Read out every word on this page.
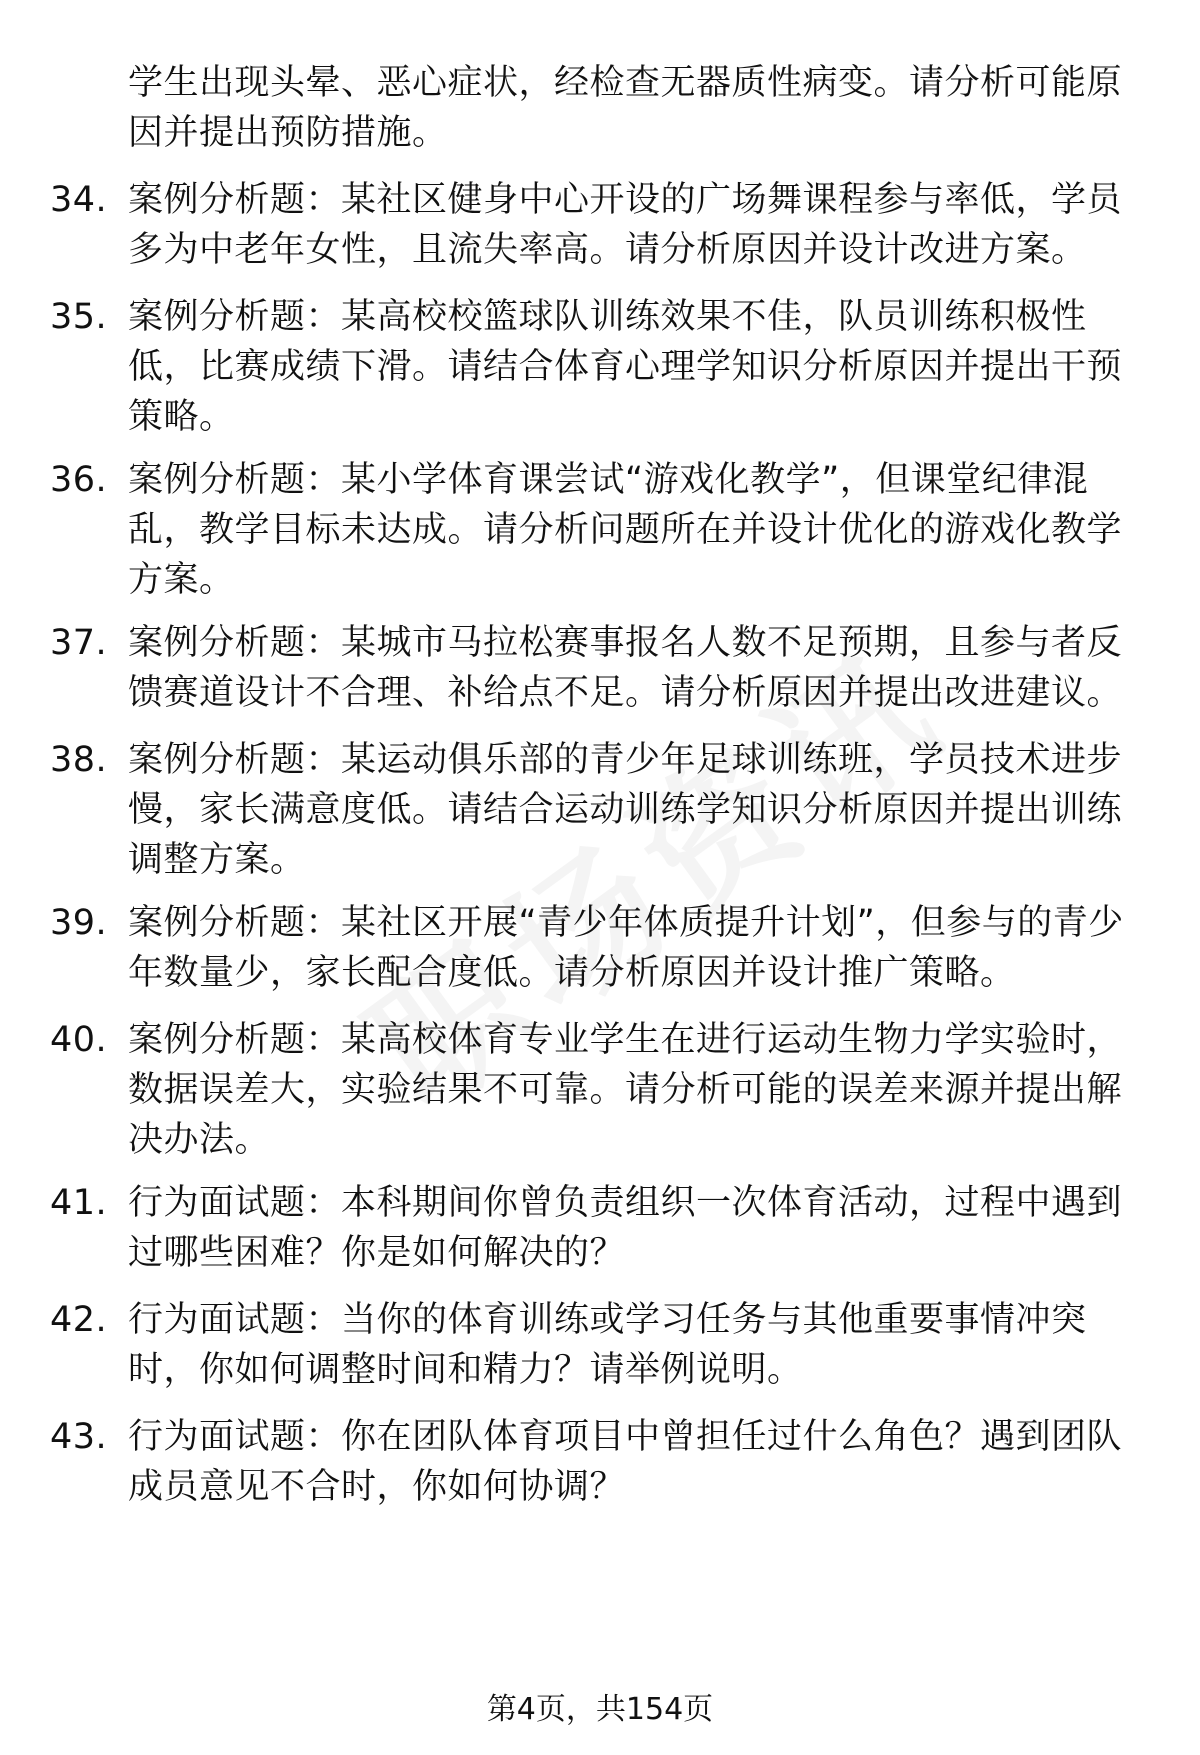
学生出现头晕、恶心症状，经检查无器质性病变。请分析可能原因并提出预防措施。
34. 案例分析题：某社区健身中心开设的广场舞课程参与率低，学员多为中老年女性，且流失率高。请分析原因并设计改进方案。
35. 案例分析题：某高校校篮球队训练效果不佳，队员训练积极性低，比赛成绩下滑。请结合体育心理学知识分析原因并提出干预策略。
36. 案例分析题：某小学体育课尝试“游戏化教学”，但课堂纪律混乱，教学目标未达成。请分析问题所在并设计优化的游戏化教学方案。
37. 案例分析题：某城市马拉松赛事报名人数不足预期，且参与者反馈赛道设计不合理、补给点不足。请分析原因并提出改进建议。
38. 案例分析题：某运动俱乐部的青少年足球训练班，学员技术进步慢，家长满意度低。请结合运动训练学知识分析原因并提出训练调整方案。
39. 案例分析题：某社区开展“青少年体质提升计划”，但参与的青少年数量少，家长配合度低。请分析原因并设计推广策略。
40. 案例分析题：某高校体育专业学生在进行运动生物力学实验时，数据误差大，实验结果不可靠。请分析可能的误差来源并提出解决办法。
41. 行为面试题：本科期间你曾负责组织一次体育活动，过程中遇到过哪些困难？你是如何解决的？
42. 行为面试题：当你的体育训练或学习任务与其他重要事情冲突时，你如何调整时间和精力？请举例说明。
43. 行为面试题：你在团队体育项目中曾担任过什么角色？遇到团队成员意见不合时，你如何协调？
第4页，共154页
